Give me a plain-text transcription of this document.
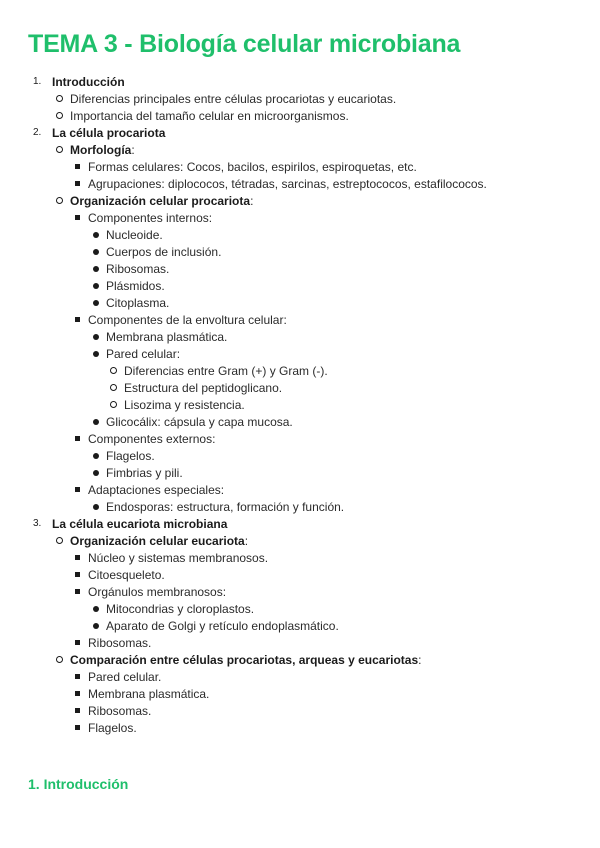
TEMA 3 - Biología celular microbiana
1. Introducción
Diferencias principales entre células procariotas y eucariotas.
Importancia del tamaño celular en microorganismos.
2. La célula procariota
Morfología:
Formas celulares: Cocos, bacilos, espirilos, espiroquetas, etc.
Agrupaciones: diplococos, tétradas, sarcinas, estreptococos, estafilococos.
Organización celular procariota:
Componentes internos:
Nucleoide.
Cuerpos de inclusión.
Ribosomas.
Plásmidos.
Citoplasma.
Componentes de la envoltura celular:
Membrana plasmática.
Pared celular:
Diferencias entre Gram (+) y Gram (-).
Estructura del peptidoglicano.
Lisozima y resistencia.
Glicocálix: cápsula y capa mucosa.
Componentes externos:
Flagelos.
Fimbrias y pili.
Adaptaciones especiales:
Endosporas: estructura, formación y función.
3. La célula eucariota microbiana
Organización celular eucariota:
Núcleo y sistemas membranosos.
Citoesqueleto.
Orgánulos membranosos:
Mitocondrias y cloroplastos.
Aparato de Golgi y retículo endoplasmático.
Ribosomas.
Comparación entre células procariotas, arqueas y eucariotas:
Pared celular.
Membrana plasmática.
Ribosomas.
Flagelos.
1. Introducción
